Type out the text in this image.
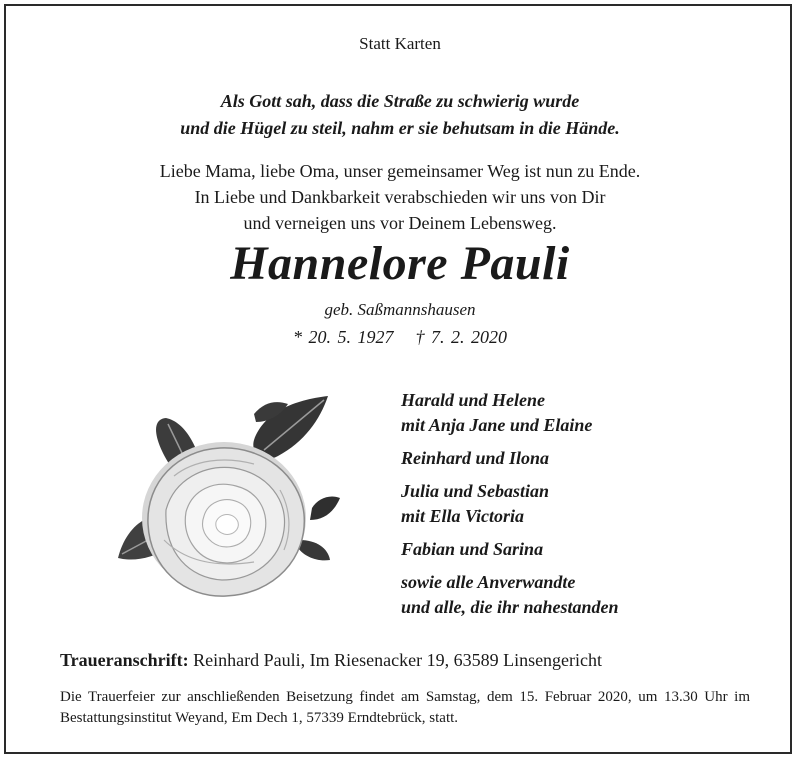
Statt Karten
Als Gott sah, dass die Straße zu schwierig wurde
und die Hügel zu steil, nahm er sie behutsam in die Hände.
Liebe Mama, liebe Oma, unser gemeinsamer Weg ist nun zu Ende.
In Liebe und Dankbarkeit verabschieden wir uns von Dir
und verneigen uns vor Deinem Lebensweg.
Hannelore Pauli
geb. Saßmannshausen
* 20. 5. 1927 † 7. 2. 2020
Harald und Helene
mit Anja Jane und Elaine
Reinhard und Ilona
Julia und Sebastian
mit Ella Victoria
Fabian und Sarina
sowie alle Anverwandte
und alle, die ihr nahestanden
Traueranschrift: Reinhard Pauli, Im Riesenacker 19, 63589 Linsengericht
Die Trauerfeier zur anschließenden Beisetzung findet am Samstag, dem 15. Februar 2020, um 13.30 Uhr im Bestattungsinstitut Weyand, Em Dech 1, 57339 Erndtebrück, statt.
